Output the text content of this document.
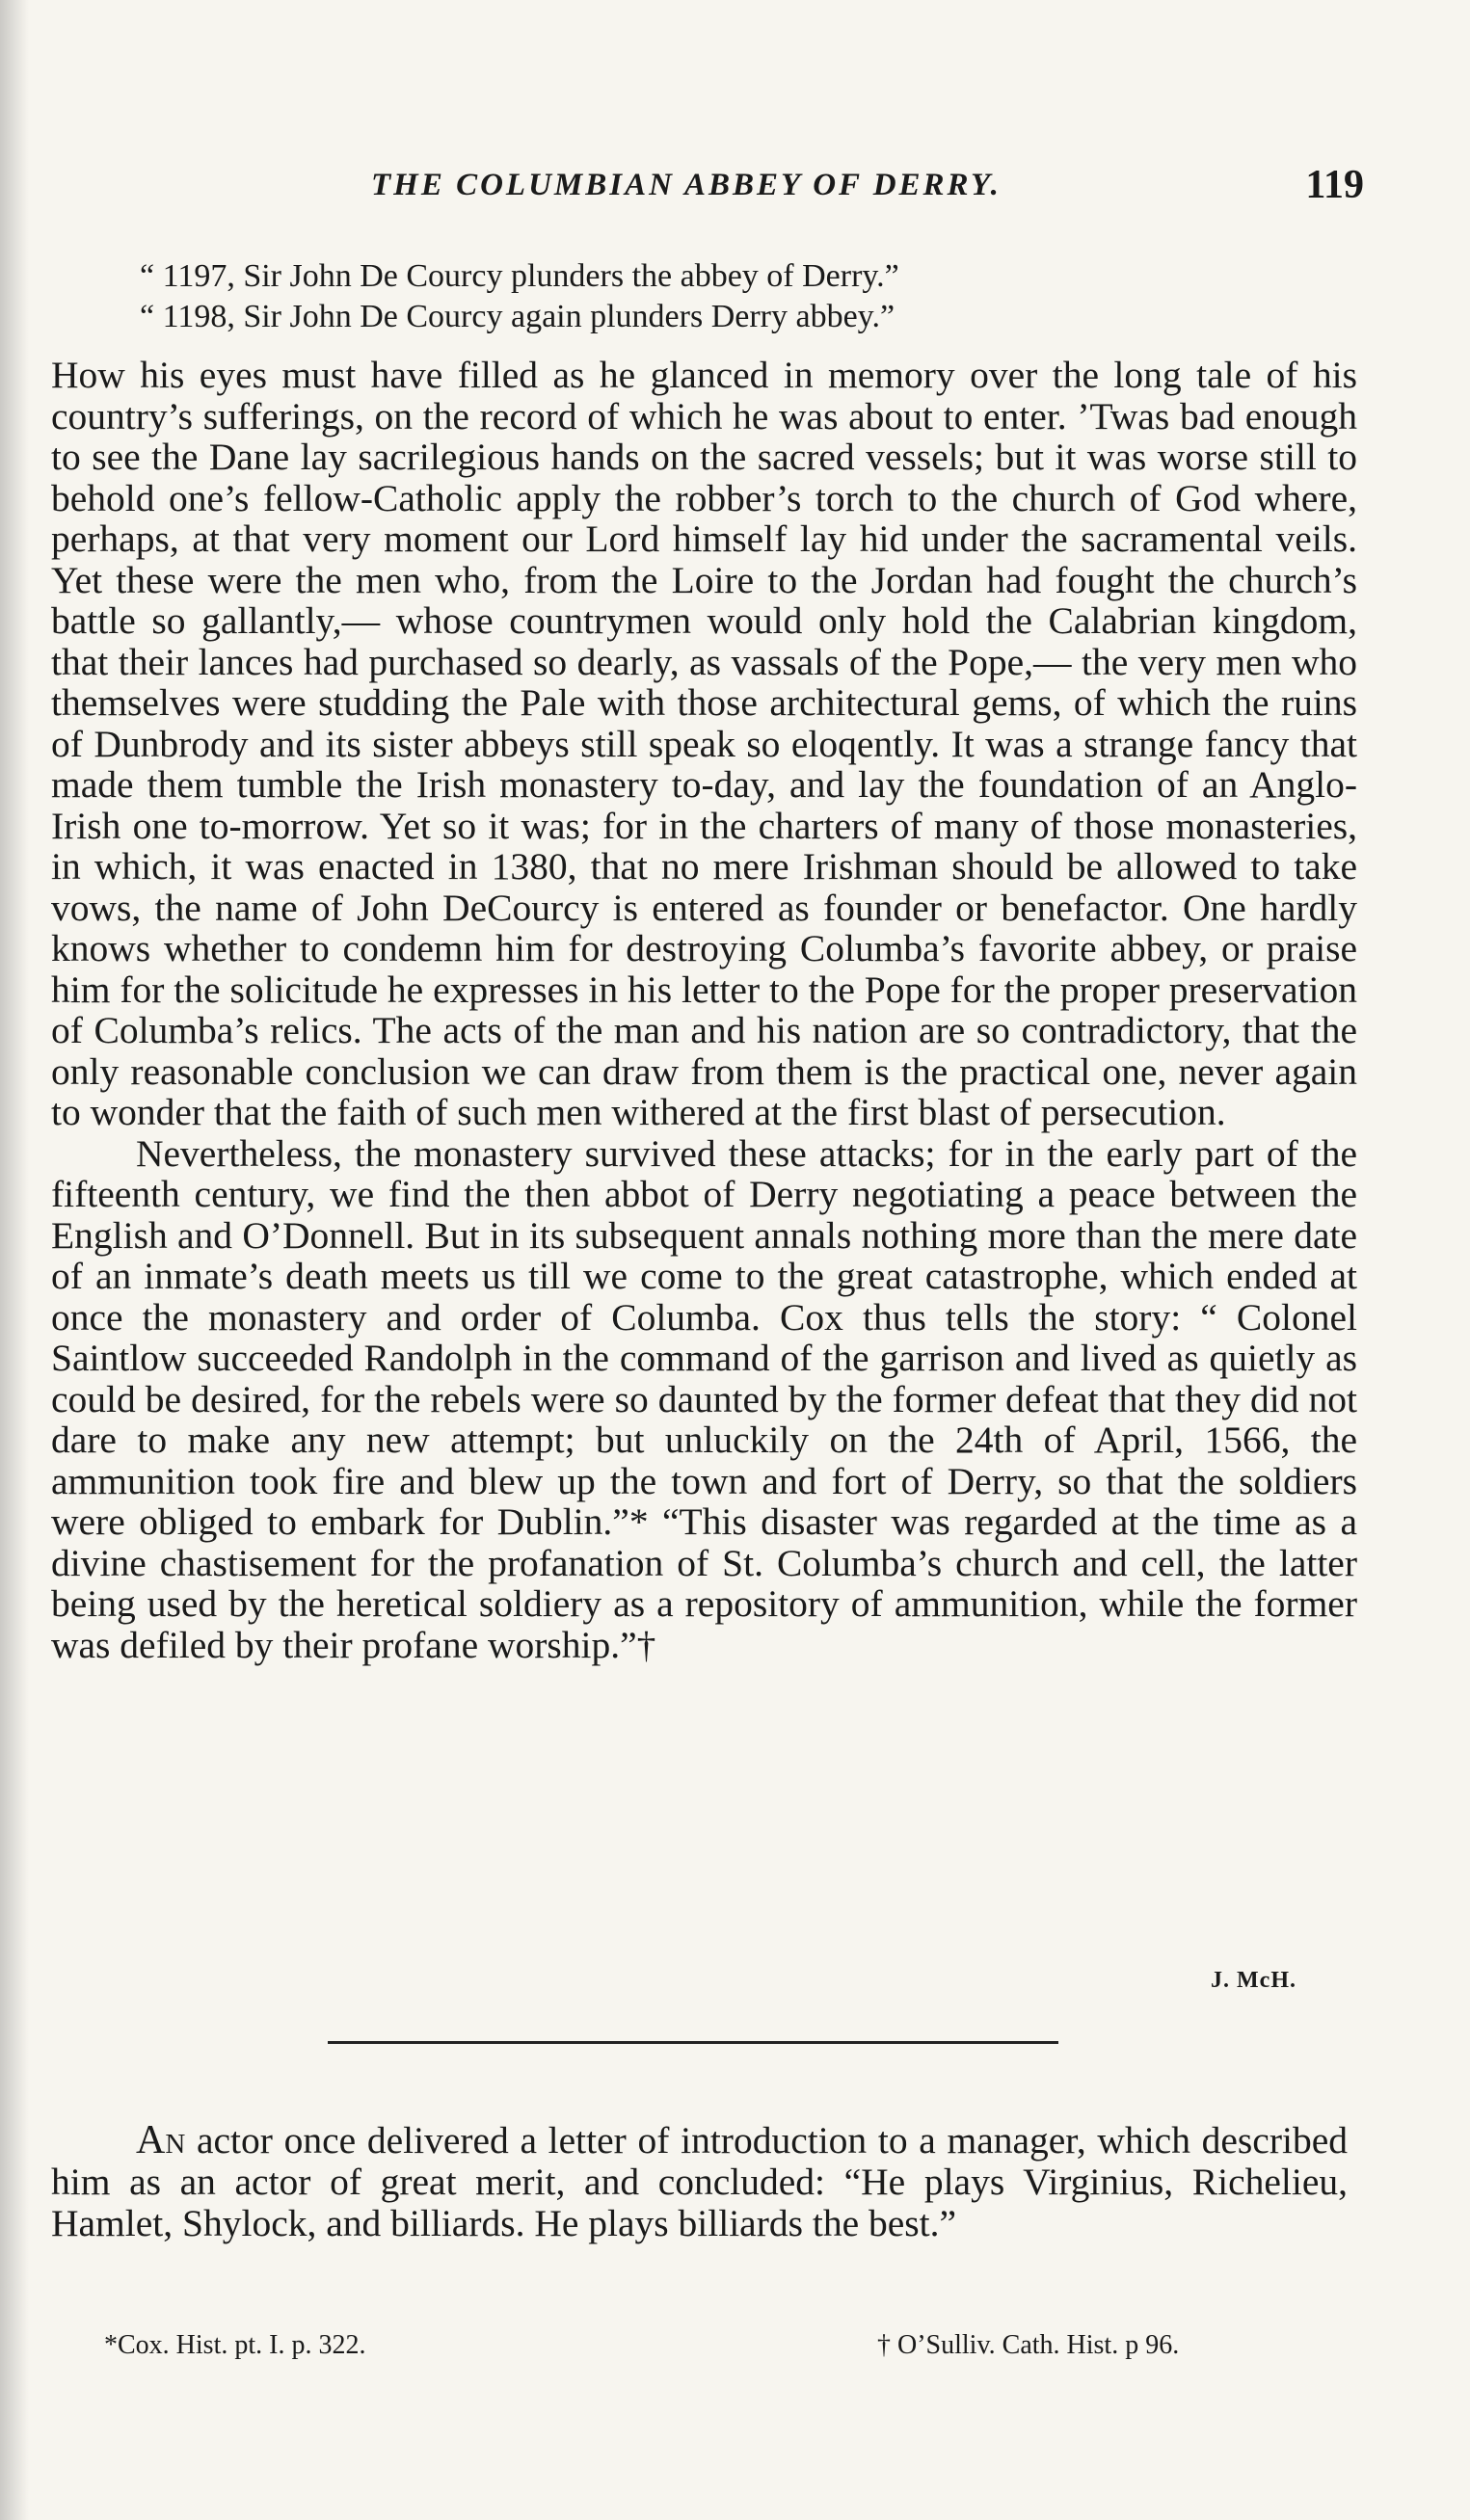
THE COLUMBIAN ABBEY OF DERRY.	119
“ 1197, Sir John De Courcy plunders the abbey of Derry.”
“ 1198, Sir John De Courcy again plunders Derry abbey.”

How his eyes must have filled as he glanced in memory over the long tale of his country’s sufferings, on the record of which he was about to enter. ’Twas bad enough to see the Dane lay sacrilegious hands on the sacred vessels; but it was worse still to behold one’s fellow-Catholic apply the robber’s torch to the church of God where, perhaps, at that very moment our Lord himself lay hid under the sacramental veils. Yet these were the men who, from the Loire to the Jordan had fought the church’s battle so gallantly,— whose countrymen would only hold the Calabrian kingdom, that their lances had purchased so dearly, as vassals of the Pope,— the very men who themselves were studding the Pale with those architectural gems, of which the ruins of Dunbrody and its sister abbeys still speak so eloqently. It was a strange fancy that made them tumble the Irish monastery to-day, and lay the foundation of an Anglo-Irish one to-morrow. Yet so it was; for in the charters of many of those monasteries, in which, it was enacted in 1380, that no mere Irishman should be allowed to take vows, the name of John DeCourcy is entered as founder or benefactor. One hardly knows whether to condemn him for destroying Columba’s favorite abbey, or praise him for the solicitude he expresses in his letter to the Pope for the proper preservation of Columba’s relics. The acts of the man and his nation are so contradictory, that the only reasonable conclusion we can draw from them is the practical one, never again to wonder that the faith of such men withered at the first blast of persecution.

Nevertheless, the monastery survived these attacks; for in the early part of the fifteenth century, we find the then abbot of Derry negotiating a peace between the English and O’Donnell. But in its subsequent annals nothing more than the mere date of an inmate’s death meets us till we come to the great catastrophe, which ended at once the monastery and order of Columba. Cox thus tells the story: “ Colonel Saintlow succeeded Randolph in the command of the garrison and lived as quietly as could be desired, for the rebels were so daunted by the former defeat that they did not dare to make any new attempt; but unluckily on the 24th of April, 1566, the ammunition took fire and blew up the town and fort of Derry, so that the soldiers were obliged to embark for Dublin.”* “This disaster was regarded at the time as a divine chastisement for the profanation of St. Columba’s church and cell, the latter being used by the heretical soldiery as a repository of ammunition, while the former was defiled by their profane worship.”†

J. McH.

An actor once delivered a letter of introduction to a manager, which described him as an actor of great merit, and concluded: “He plays Virginius, Richelieu, Hamlet, Shylock, and billiards. He plays billiards the best.”

*Cox. Hist. pt. I. p. 322.	† O’Sulliv. Cath. Hist. p 96.
